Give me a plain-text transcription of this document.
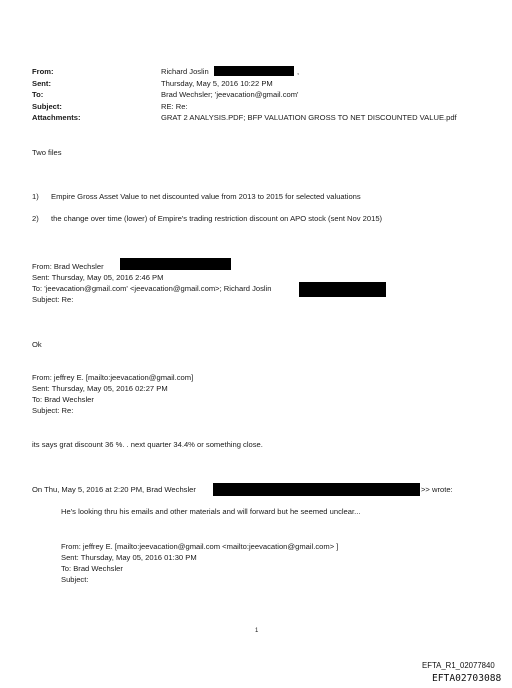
From:
Sent:
To:
Subject:
Attachments:
Richard Joslin	,
Thursday, May 5, 2016 10:22 PM
Brad Wechsler; 'jeevacation@gmail.com'
RE: Re:
GRAT 2 ANALYSIS.PDF; BFP VALUATION GROSS TO NET DISCOUNTED VALUE.pdf
Two files
1) Empire Gross Asset Value to net discounted value from 2013 to 2015 for selected valuations
2) the change over time (lower) of Empire's trading restriction discount on APO stock (sent Nov 2015)
From: Brad Wechsler
Sent: Thursday, May 05, 2016 2:46 PM
To: 'jeevacation@gmail.com' <jeevacation@gmail.com>; Richard Joslin
Subject: Re:
Ok
From: jeffrey E. [mailto:jeevacation@gmail.com]
Sent: Thursday, May 05, 2016 02:27 PM
To: Brad Wechsler
Subject: Re:
its says grat discount 36 %. . next quarter 34.4% or something close.
On Thu, May 5, 2016 at 2:20 PM, Brad Wechsler	>> wrote:
He's looking thru his emails and other materials and will forward but he seemed unclear...
From: jeffrey E. [mailto:jeevacation@gmail.com <mailto:jeevacation@gmail.com> ]
Sent: Thursday, May 05, 2016 01:30 PM
To: Brad Wechsler
Subject:
1
EFTA_R1_02077840
EFTA02703088
